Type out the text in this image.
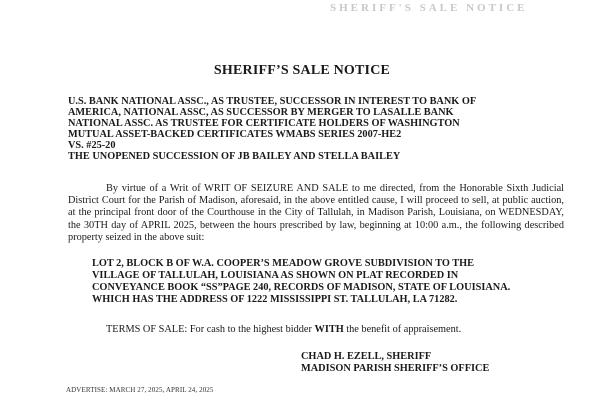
SHERIFF'S SALE NOTICE
SHERIFF’S SALE NOTICE
U.S. BANK NATIONAL ASSC., AS TRUSTEE, SUCCESSOR IN INTEREST TO BANK OF
AMERICA, NATIONAL ASSC, AS SUCCESSOR BY MERGER TO LASALLE BANK
NATIONAL ASSC. AS TRUSTEE FOR CERTIFICATE HOLDERS OF WASHINGTON
MUTUAL ASSET-BACKED CERTIFICATES WMABS SERIES 2007-HE2
VS. #25-20
THE UNOPENED SUCCESSION OF JB BAILEY AND STELLA BAILEY
By virtue of a Writ of WRIT OF SEIZURE AND SALE to me directed, from the Honorable Sixth Judicial District Court for the Parish of Madison, aforesaid, in the above entitled cause, I will proceed to sell, at public auction, at the principal front door of the Courthouse in the City of Tallulah, in Madison Parish, Louisiana, on WEDNESDAY, the 30TH day of APRIL 2025, between the hours prescribed by law, beginning at 10:00 a.m., the following described property seized in the above suit:
LOT 2, BLOCK B OF W.A. COOPER’S MEADOW GROVE SUBDIVISION TO THE
VILLAGE OF TALLULAH, LOUISIANA AS SHOWN ON PLAT RECORDED IN
CONVEYANCE BOOK “SS”PAGE 240, RECORDS OF MADISON, STATE OF LOUISIANA.
WHICH HAS THE ADDRESS OF 1222 MISSISSIPPI ST. TALLULAH, LA 71282.
TERMS OF SALE: For cash to the highest bidder WITH the benefit of appraisement.
CHAD H. EZELL, SHERIFF
MADISON PARISH SHERIFF’S OFFICE
ADVERTISE: MARCH 27, 2025, APRIL 24, 2025
